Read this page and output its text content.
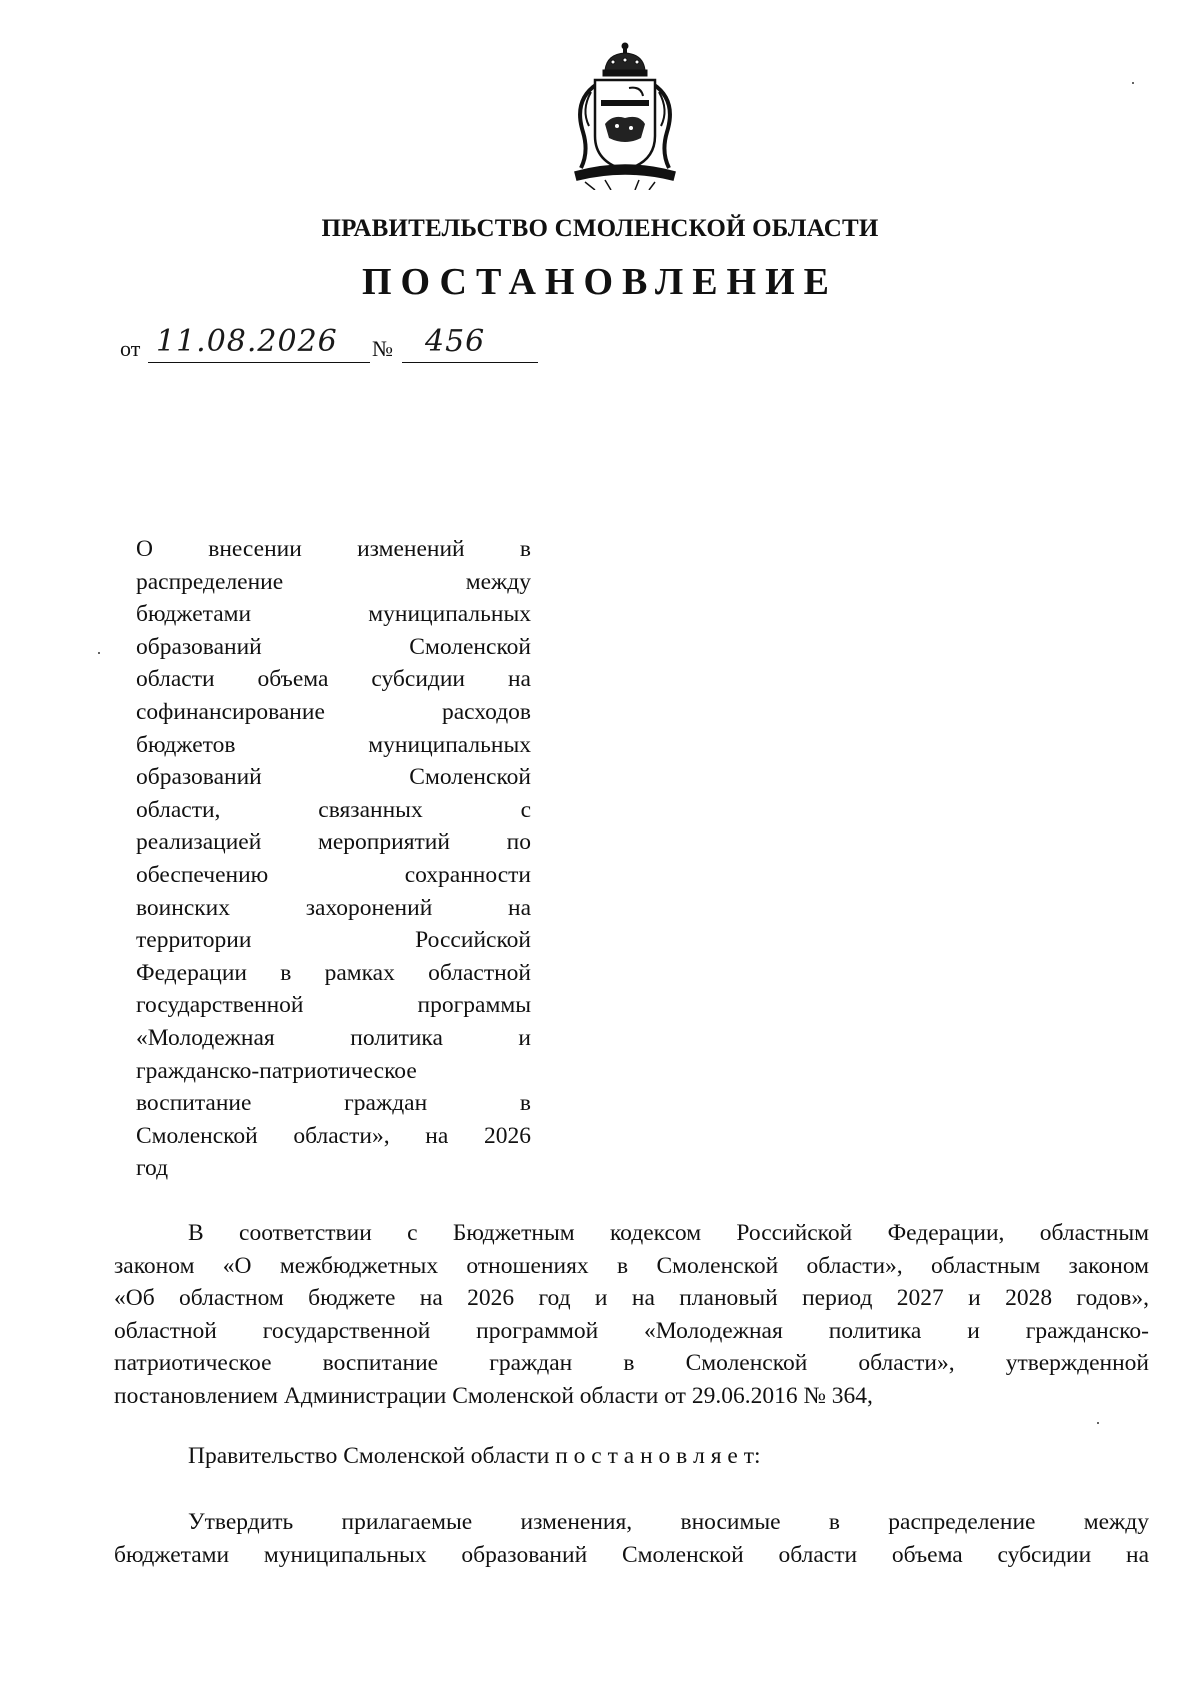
ПРАВИТЕЛЬСТВО СМОЛЕНСКОЙ ОБЛАСТИ
ПОСТАНОВЛЕНИЕ
от 11.08.2026 № 456
О внесении изменений в
распределение между
бюджетами муниципальных
образований Смоленской
области объема субсидии на
софинансирование расходов
бюджетов муниципальных
образований Смоленской
области, связанных с
реализацией мероприятий по
обеспечению сохранности
воинских захоронений на
территории Российской
Федерации в рамках областной
государственной программы
«Молодежная политика и
гражданско-патриотическое
воспитание граждан в
Смоленской области», на 2026
год
В соответствии с Бюджетным кодексом Российской Федерации, областным
законом «О межбюджетных отношениях в Смоленской области», областным законом
«Об областном бюджете на 2026 год и на плановый период 2027 и 2028 годов»,
областной государственной программой «Молодежная политика и гражданско-
патриотическое воспитание граждан в Смоленской области», утвержденной
постановлением Администрации Смоленской области от 29.06.2016 № 364,
Правительство Смоленской области п о с т а н о в л я е т:
Утвердить прилагаемые изменения, вносимые в распределение между
бюджетами муниципальных образований Смоленской области объема субсидии на
